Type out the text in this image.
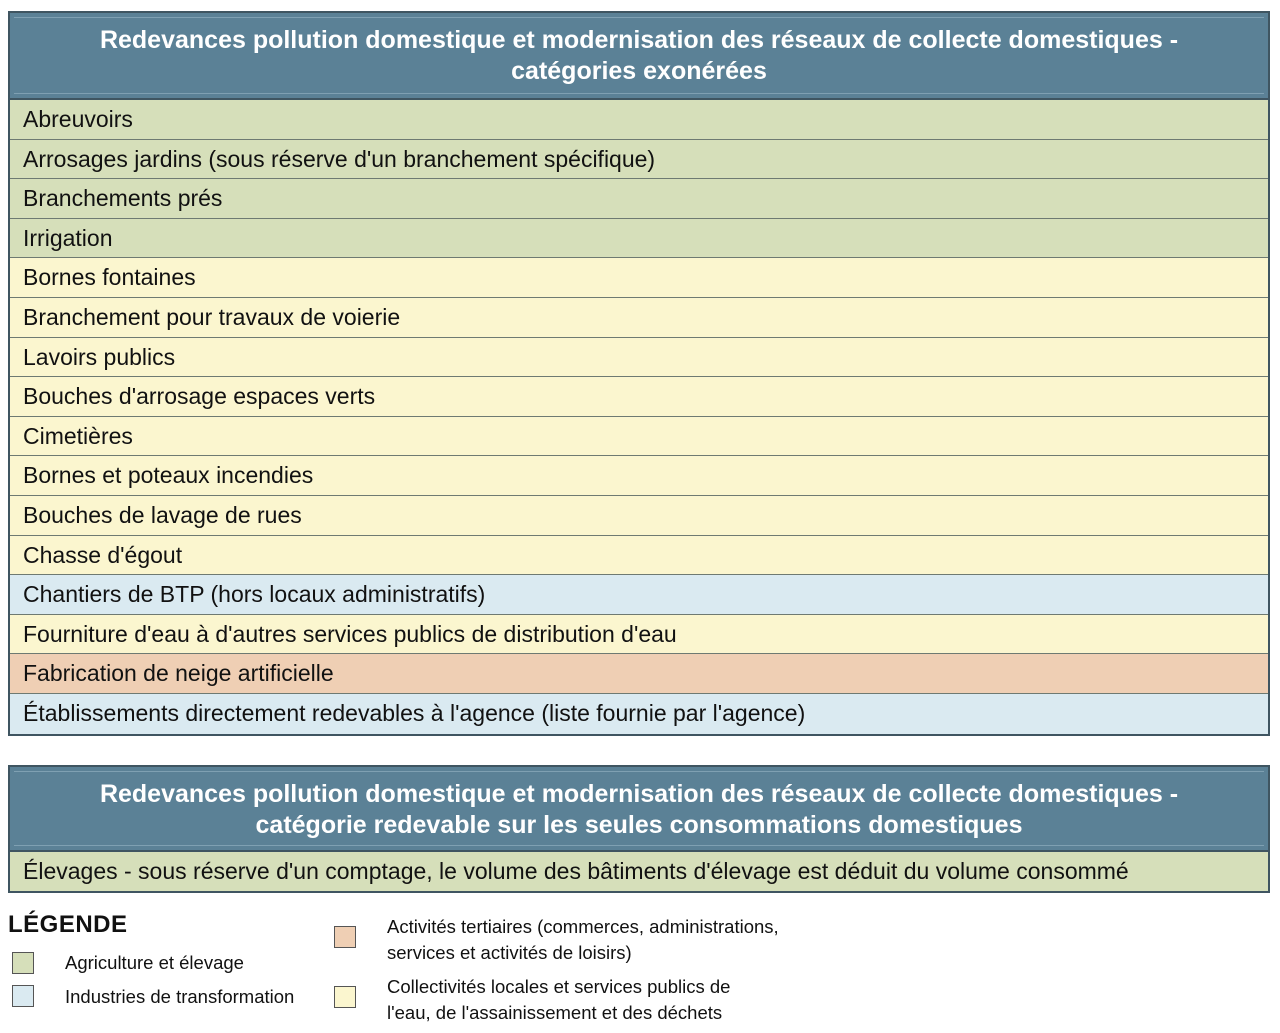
Redevances pollution domestique et modernisation des réseaux de collecte domestiques -
catégories exonérées
Abreuvoirs
Arrosages jardins (sous réserve d'un branchement spécifique)
Branchements prés
Irrigation
Bornes fontaines
Branchement pour travaux de voierie
Lavoirs publics
Bouches d'arrosage espaces verts
Cimetières
Bornes et poteaux incendies
Bouches de lavage de rues
Chasse d'égout
Chantiers de BTP (hors locaux administratifs)
Fourniture d'eau à d'autres services publics de distribution d'eau
Fabrication de neige artificielle
Établissements directement redevables à l'agence (liste fournie par l'agence)
Redevances pollution domestique et modernisation des réseaux de collecte domestiques -
catégorie redevable sur les seules consommations domestiques
Élevages - sous réserve d'un comptage, le volume des bâtiments d'élevage est déduit du volume consommé
LÉGENDE
Agriculture et élevage
Industries de transformation
Activités tertiaires (commerces, administrations,
services et activités de loisirs)
Collectivités locales et services publics de
l'eau, de l'assainissement et des déchets
